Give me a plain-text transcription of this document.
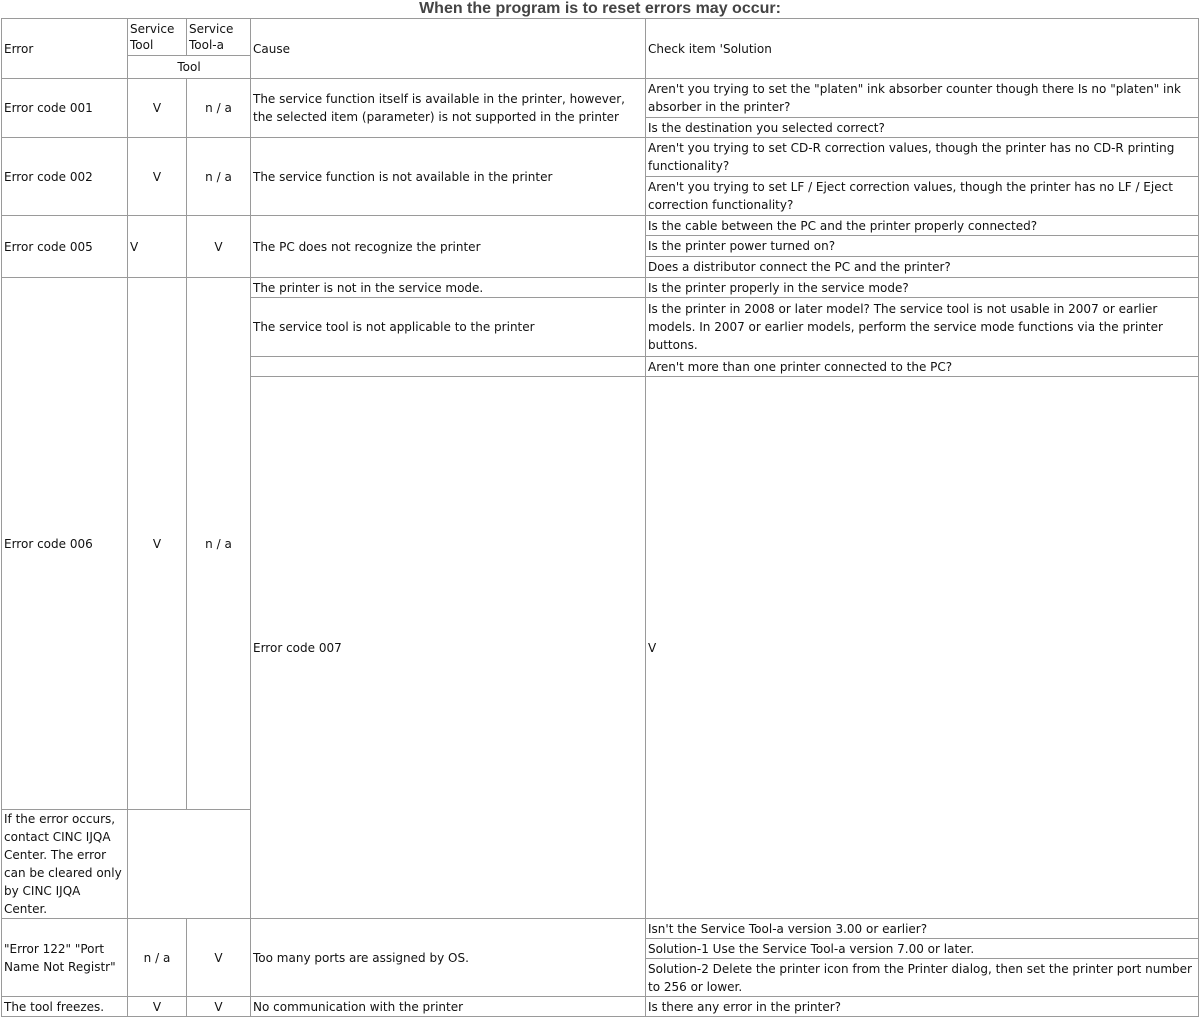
When the program is to reset errors may occur:
Error	Service Tool	Service Tool-a	Cause	Check item 'Solution	
	Tool				
Error code 001	V	n / a	The service function itself is available in the printer, however, the selected item (parameter) is not supported in the printer	Aren't you trying to set the "platen" ink absorber counter though there Is no "platen" ink absorber in the printer?	
				Is the destination you selected correct?	
Error code 002	V	n / a	The service function is not available in the printer	Aren't you trying to set CD-R correction values, though the printer has no CD-R printing functionality?	
				Aren't you trying to set LF / Eject correction values, though the printer has no LF / Eject correction functionality?	
Error code 005	V	V	The PC does not recognize the printer	Is the cable between the PC and the printer properly connected?	
				Is the printer power turned on?	
				Does a distributor connect the PC and the printer?	
Error code 006	V	n / a	The printer is not in the service mode.	Is the printer properly in the service mode?	
			The service tool is not applicable to the printer	Is the printer in 2008 or later model? The service tool is not usable in 2007 or earlier models. In 2007 or earlier models, perform the service mode functions via the printer buttons.	
				Aren't more than one printer connected to the PC?	
			Error code 007	V			
If the error occurs, contact CINC IJQA Center. The error can be cleared only by CINC IJQA Center.					
"Error 122" "Port Name Not Registr"	n / a	V	Too many ports are assigned by OS.	Isn't the Service Tool-a version 3.00 or earlier?	
				Solution-1 Use the Service Tool-a version 7.00 or later.	
				Solution-2 Delete the printer icon from the Printer dialog, then set the printer port number to 256 or lower.	
The tool freezes.	V	V	No communication with the printer	Is there any error in the printer?	
